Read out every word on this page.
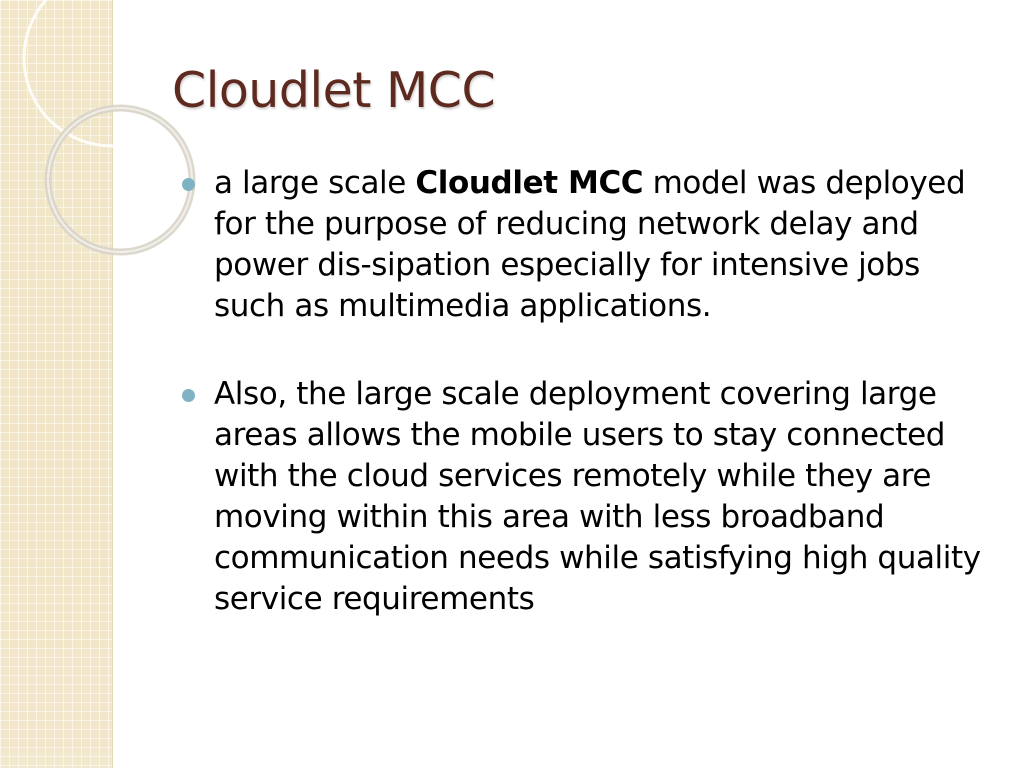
Cloudlet MCC
a large scale Cloudlet MCC model was deployed for the purpose of reducing network delay and power dis-sipation especially for intensive jobs such as multimedia applications.
Also, the large scale deployment covering large areas allows the mobile users to stay connected with the cloud services remotely while they are moving within this area with less broadband communication needs while satisfying high quality service requirements
